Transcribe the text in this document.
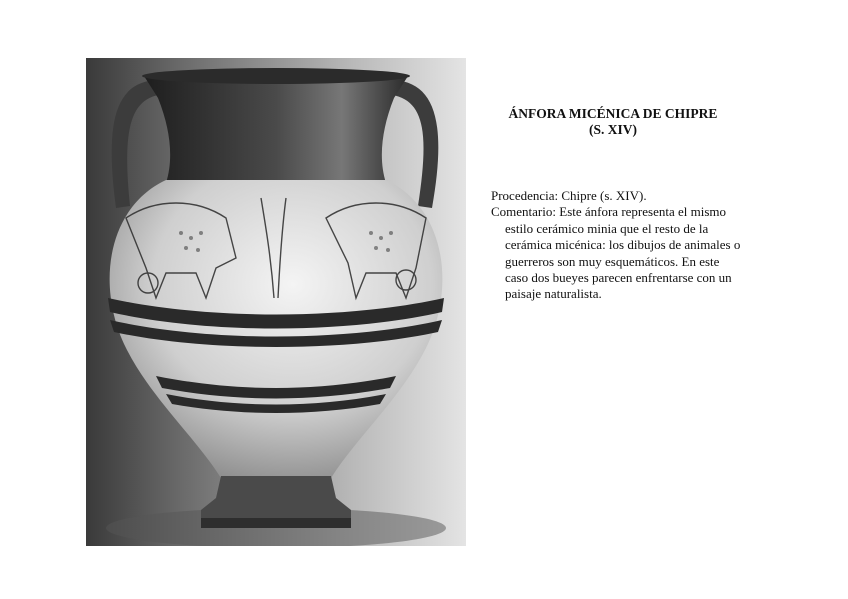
ÁNFORA MICÉNICA DE CHIPRE
(S. XIV)

Procedencia: Chipre (s. XIV).

Comentario: Este ánfora representa el mismo estilo cerámico minia que el resto de la cerámica micénica: los dibujos de animales o guerreros son muy esquemáticos. En este caso dos bueyes parecen enfrentarse con un paisaje naturalista.
